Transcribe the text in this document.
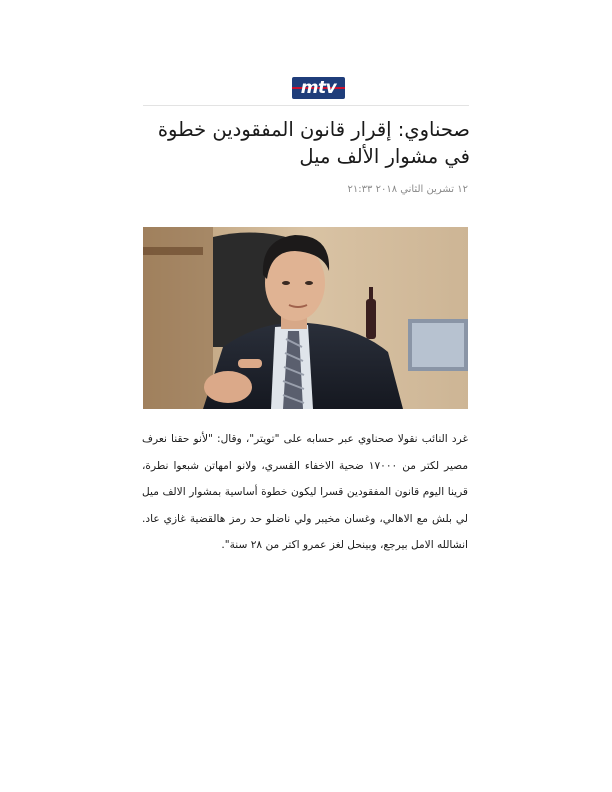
mtv
صحناوي: إقرار قانون المفقودين خطوة في مشوار الألف ميل
١٢ تشرين الثاني ٢٠١٨ ٢١:٣٣

غرد النائب نقولا صحناوي عبر حسابه على "تويتر"، وقال: "لأنو حقنا نعرف مصير لكتر من ١٧٠٠٠ ضحية الاخفاء القسري، ولانو امهاتن شبعوا نطرة، قرينا اليوم قانون المفقودين قسرا ليكون خطوة أساسية بمشوار الالف ميل لي بلش مع الاهالي، وغسان مخيبر ولي ناضلو حد رمز هالقضية غازي عاد. انشالله الامل بيرجع، وبينحل لغز عمرو اكتر من ٢٨ سنة".
